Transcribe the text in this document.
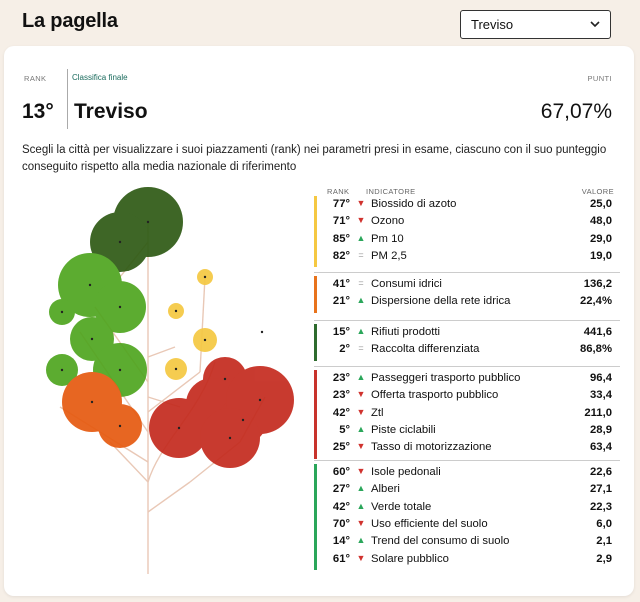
La pagella	Treviso
RANK	Classifica finale	PUNTI
13° Treviso	67,07%
Scegli la città per visualizzare i suoi piazzamenti (rank) nei parametri presi in esame, ciascuno con il suo punteggio conseguito rispetto alla media nazionale di riferimento
RANK INDICATORE	VALORE
77° ▼ Biossido di azoto	25,0
71° ▼ Ozono	48,0
85° ▲ Pm 10	29,0
82° = PM 2,5	19,0
41° = Consumi idrici	136,2
21° ▲ Dispersione della rete idrica	22,4%
15° ▲ Rifiuti prodotti	441,6
2° = Raccolta differenziata	86,8%
23° ▲ Passeggeri trasporto pubblico	96,4
23° ▼ Offerta trasporto pubblico	33,4
42° ▼ Ztl	211,0
5° ▲ Piste ciclabili	28,9
25° ▼ Tasso di motorizzazione	63,4
60° ▼ Isole pedonali	22,6
27° ▲ Alberi	27,1
42° ▲ Verde totale	22,3
70° ▼ Uso efficiente del suolo	6,0
14° ▲ Trend del consumo di suolo	2,1
61° ▼ Solare pubblico	2,9
